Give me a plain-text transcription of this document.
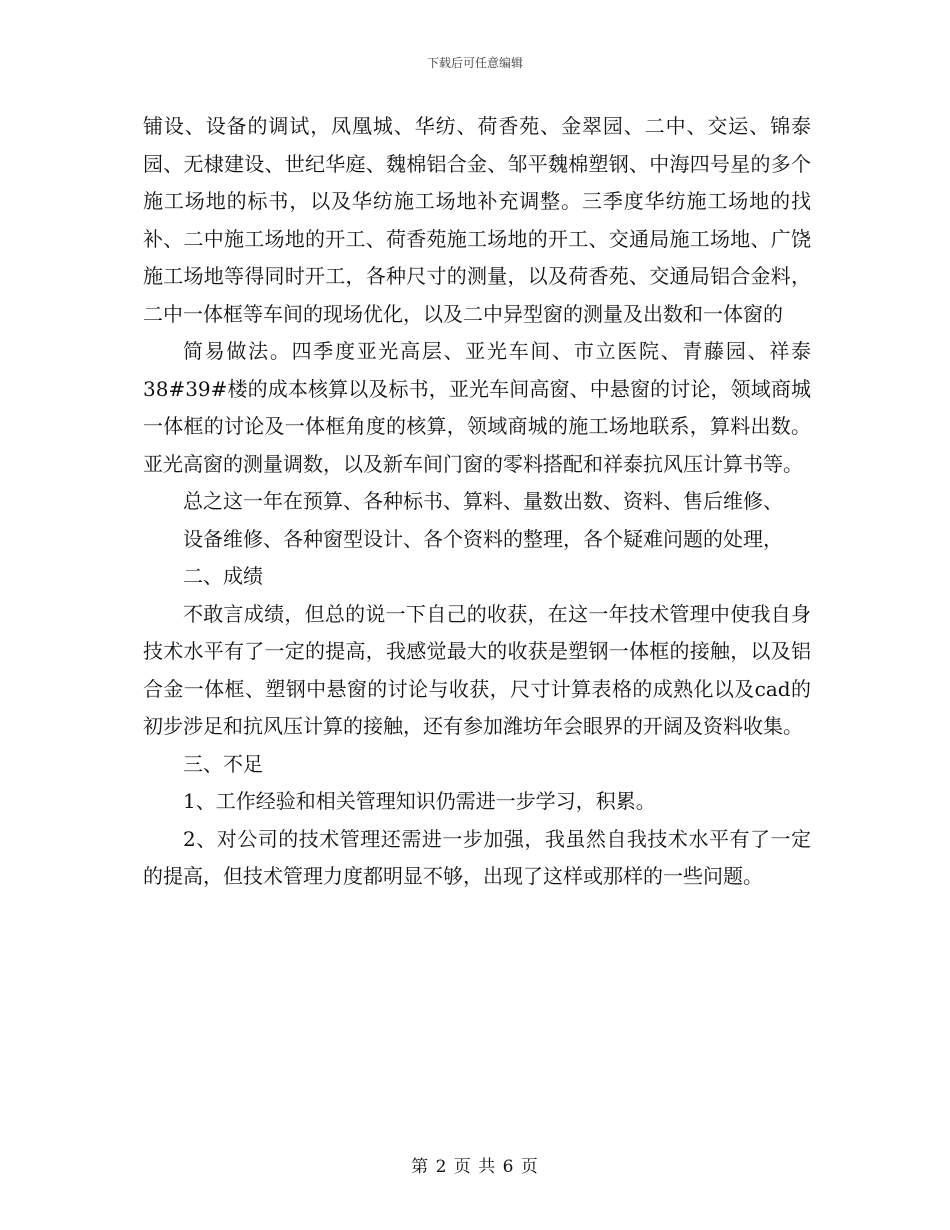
下载后可任意编辑

铺设、设备的调试，凤凰城、华纺、荷香苑、金翠园、二中、交运、锦泰园、无棣建设、世纪华庭、魏棉铝合金、邹平魏棉塑钢、中海四号星的多个施工场地的标书，以及华纺施工场地补充调整。三季度华纺施工场地的找补、二中施工场地的开工、荷香苑施工场地的开工、交通局施工场地、广饶施工场地等得同时开工，各种尺寸的测量，以及荷香苑、交通局铝合金料，二中一体框等车间的现场优化，以及二中异型窗的测量及出数和一体窗的

简易做法。四季度亚光高层、亚光车间、市立医院、青藤园、祥泰38#39#楼的成本核算以及标书，亚光车间高窗、中悬窗的讨论，领域商城一体框的讨论及一体框角度的核算，领域商城的施工场地联系，算料出数。亚光高窗的测量调数，以及新车间门窗的零料搭配和祥泰抗风压计算书等。

总之这一年在预算、各种标书、算料、量数出数、资料、售后维修、

设备维修、各种窗型设计、各个资料的整理，各个疑难问题的处理，

二、成绩

不敢言成绩，但总的说一下自己的收获，在这一年技术管理中使我自身技术水平有了一定的提高，我感觉最大的收获是塑钢一体框的接触，以及铝合金一体框、塑钢中悬窗的讨论与收获，尺寸计算表格的成熟化以及cad的初步涉足和抗风压计算的接触，还有参加潍坊年会眼界的开阔及资料收集。

三、不足

1、工作经验和相关管理知识仍需进一步学习，积累。

2、对公司的技术管理还需进一步加强，我虽然自我技术水平有了一定的提高，但技术管理力度都明显不够，出现了这样或那样的一些问题。

第 2 页 共 6 页
